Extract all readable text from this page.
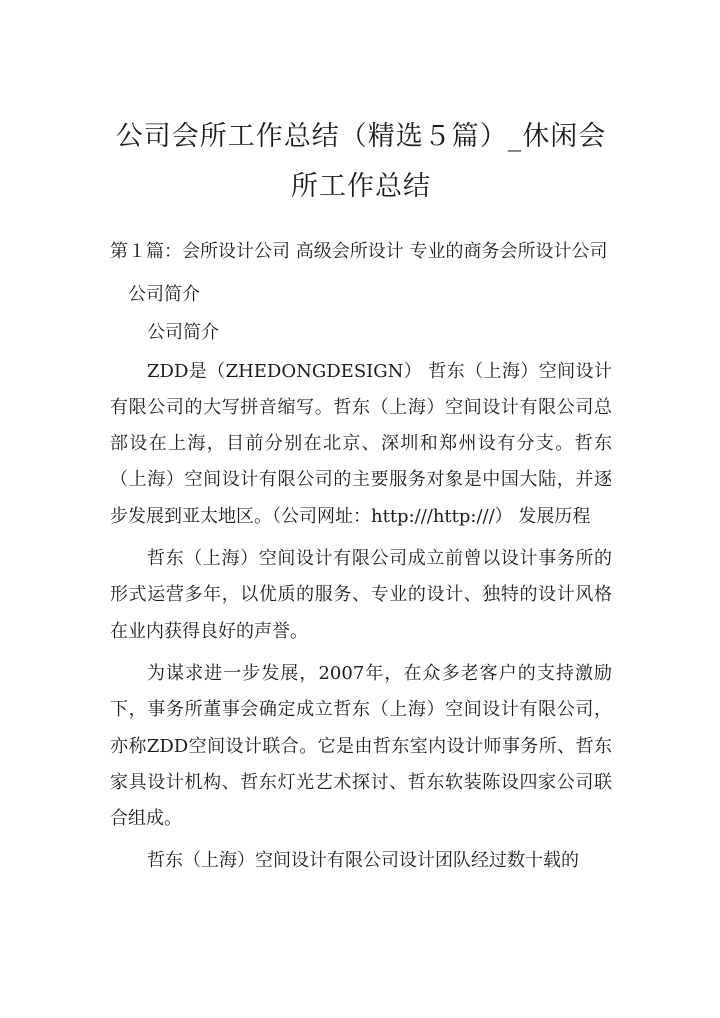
公司会所工作总结（精选５篇）_休闲会所工作总结

第１篇：会所设计公司 高级会所设计 专业的商务会所设计公司

公司简介

公司简介

ZDD是（ZHEDONGDESIGN） 哲东（上海）空间设计有限公司的大写拼音缩写。哲东（上海）空间设计有限公司总部设在上海，目前分别在北京、深圳和郑州设有分支。哲东（上海）空间设计有限公司的主要服务对象是中国大陆，并逐步发展到亚太地区。（公司网址：http:///http:///） 发展历程

哲东（上海）空间设计有限公司成立前曾以设计事务所的形式运营多年，以优质的服务、专业的设计、独特的设计风格在业内获得良好的声誉。

为谋求进一步发展，2007年，在众多老客户的支持激励下，事务所董事会确定成立哲东（上海）空间设计有限公司，亦称ZDD空间设计联合。它是由哲东室内设计师事务所、哲东家具设计机构、哲东灯光艺术探讨、哲东软装陈设四家公司联合组成。

哲东（上海）空间设计有限公司设计团队经过数十载的
